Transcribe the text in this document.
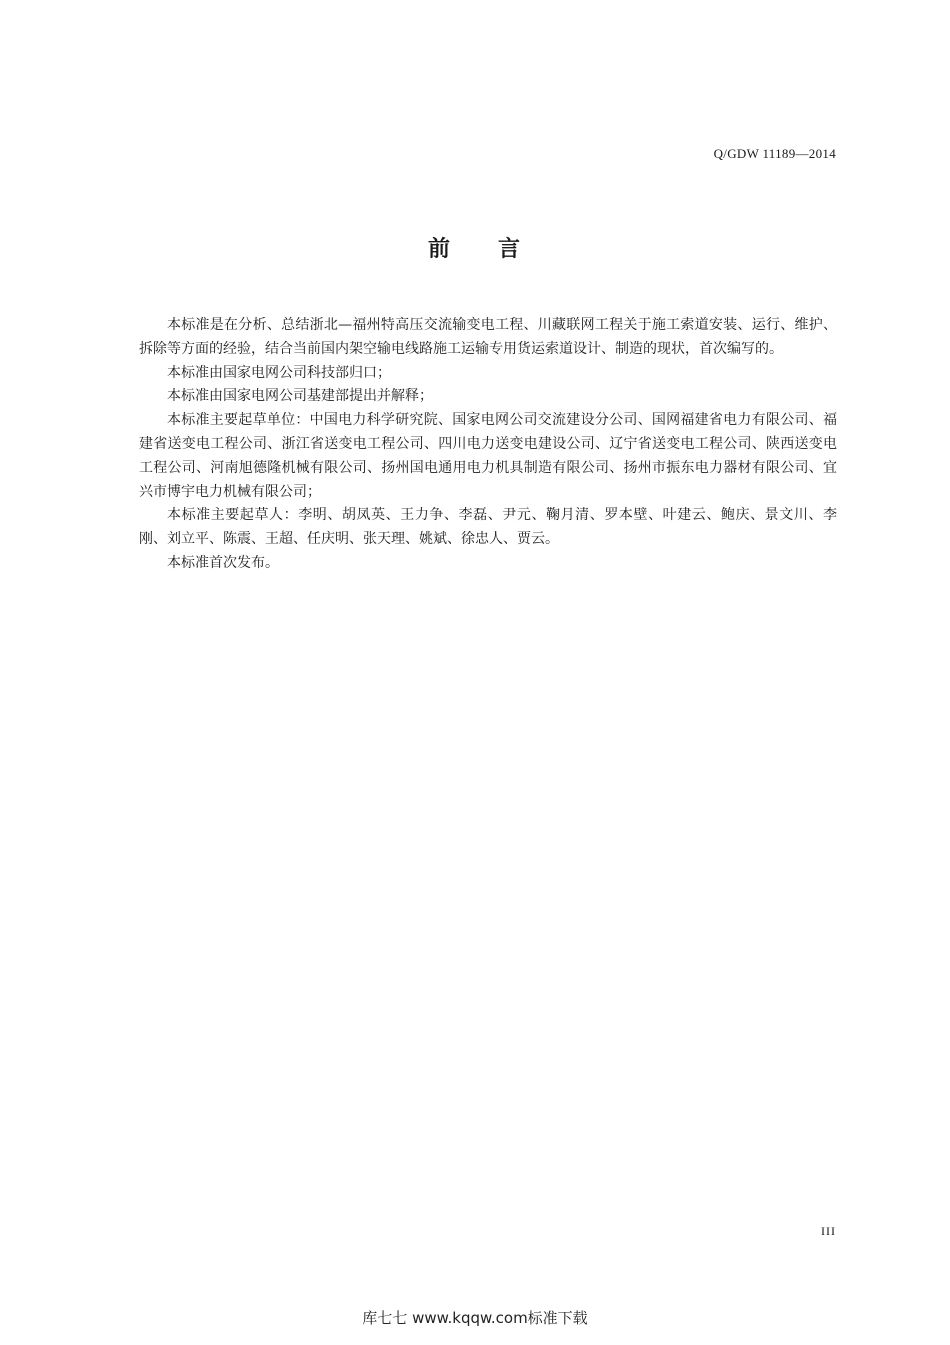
Q/GDW 11189—2014
前 言

本标准是在分析、总结浙北—福州特高压交流输变电工程、川藏联网工程关于施工索道安装、运行、维护、拆除等方面的经验，结合当前国内架空输电线路施工运输专用货运索道设计、制造的现状，首次编写的。

本标准由国家电网公司科技部归口；

本标准由国家电网公司基建部提出并解释；

本标准主要起草单位：中国电力科学研究院、国家电网公司交流建设分公司、国网福建省电力有限公司、福建省送变电工程公司、浙江省送变电工程公司、四川电力送变电建设公司、辽宁省送变电工程公司、陕西送变电工程公司、河南旭德隆机械有限公司、扬州国电通用电力机具制造有限公司、扬州市振东电力器材有限公司、宜兴市博宇电力机械有限公司；

本标准主要起草人：李明、胡凤英、王力争、李磊、尹元、鞠月清、罗本壁、叶建云、鲍庆、景文川、李刚、刘立平、陈震、王超、任庆明、张天理、姚斌、徐忠人、贾云。

本标准首次发布。

III
库七七 www.kqqw.com标准下载
